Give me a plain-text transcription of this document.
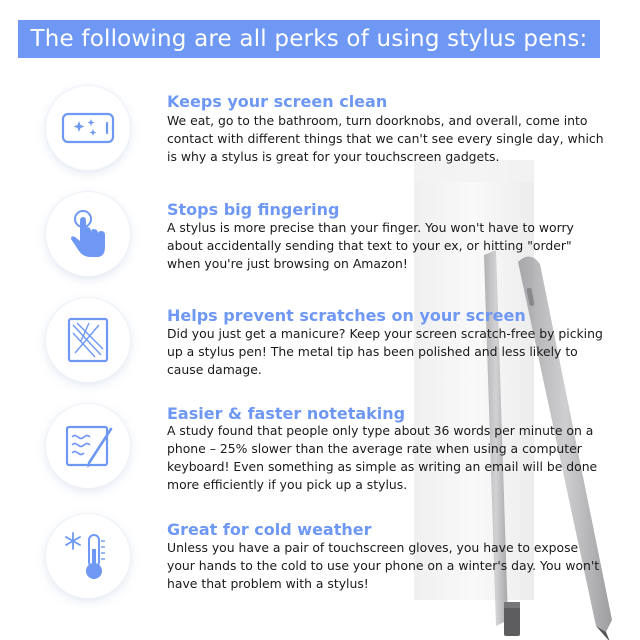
The following are all perks of using stylus pens:
Keeps your screen clean
We eat, go to the bathroom, turn doorknobs, and overall, come into contact with different things that we can't see every single day, which is why a stylus is great for your touchscreen gadgets.
Stops big fingering
A stylus is more precise than your finger. You won't have to worry about accidentally sending that text to your ex, or hitting "order" when you're just browsing on Amazon!
Helps prevent scratches on your screen
Did you just get a manicure? Keep your screen scratch-free by picking up a stylus pen! The metal tip has been polished and less likely to cause damage.
Easier & faster notetaking
A study found that people only type about 36 words per minute on a phone – 25% slower than the average rate when using a computer keyboard! Even something as simple as writing an email will be done more efficiently if you pick up a stylus.
Great for cold weather
Unless you have a pair of touchscreen gloves, you have to expose your hands to the cold to use your phone on a winter's day. You won't have that problem with a stylus!
